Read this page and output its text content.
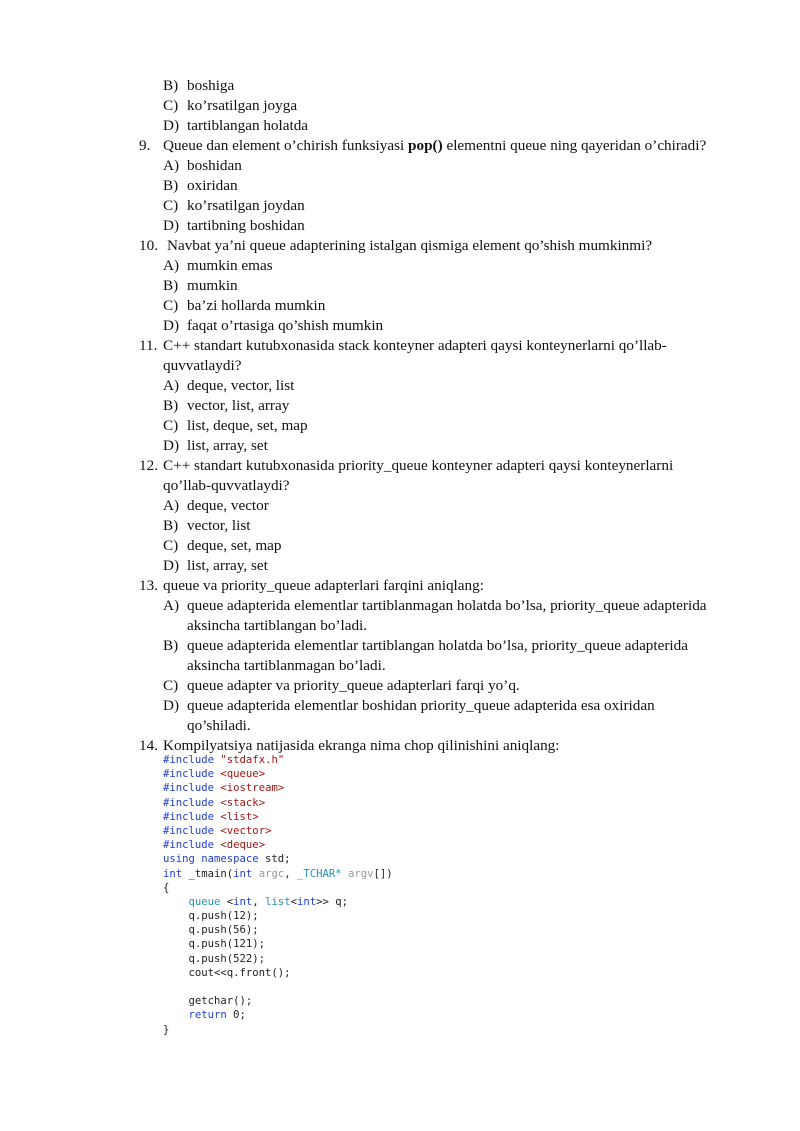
B) boshiga
C) ko’rsatilgan joyga
D) tartiblangan holatda
9. Queue dan element o’chirish funksiyasi pop() elementni queue ning qayeridan o’chiradi?
A) boshidan
B) oxiridan
C) ko’rsatilgan joydan
D) tartibning boshidan
10. Navbat ya’ni queue adapterining istalgan qismiga element qo’shish mumkinmi?
A) mumkin emas
B) mumkin
C) ba’zi hollarda mumkin
D) faqat o’rtasiga qo’shish mumkin
11. C++ standart kutubxonasida stack konteyner adapteri qaysi konteynerlarni qo’llab-
quvvatlaydi?
A) deque, vector, list
B) vector, list, array
C) list, deque, set, map
D) list, array, set
12. C++ standart kutubxonasida priority_queue konteyner adapteri qaysi konteynerlarni
qo’llab-quvvatlaydi?
A) deque, vector
B) vector, list
C) deque, set, map
D) list, array, set
13. queue va priority_queue adapterlari farqini aniqlang:
A) queue adapterida elementlar tartiblanmagan holatda bo’lsa, priority_queue adapterida
aksincha tartiblangan bo’ladi.
B) queue adapterida elementlar tartiblangan holatda bo’lsa, priority_queue adapterida
aksincha tartiblanmagan bo’ladi.
C) queue adapter va priority_queue adapterlari farqi yo’q.
D) queue adapterida elementlar boshidan priority_queue adapterida esa oxiridan
qo’shiladi.
14. Kompilyatsiya natijasida ekranga nima chop qilinishini aniqlang:
#include "stdafx.h"
#include <queue>
#include <iostream>
#include <stack>
#include <list>
#include <vector>
#include <deque>
using namespace std;
int _tmain(int argc, _TCHAR* argv[])
{
queue <int, list<int>> q;
q.push(12);
q.push(56);
q.push(121);
q.push(522);
cout<<q.front();

getchar();
return 0;
}
